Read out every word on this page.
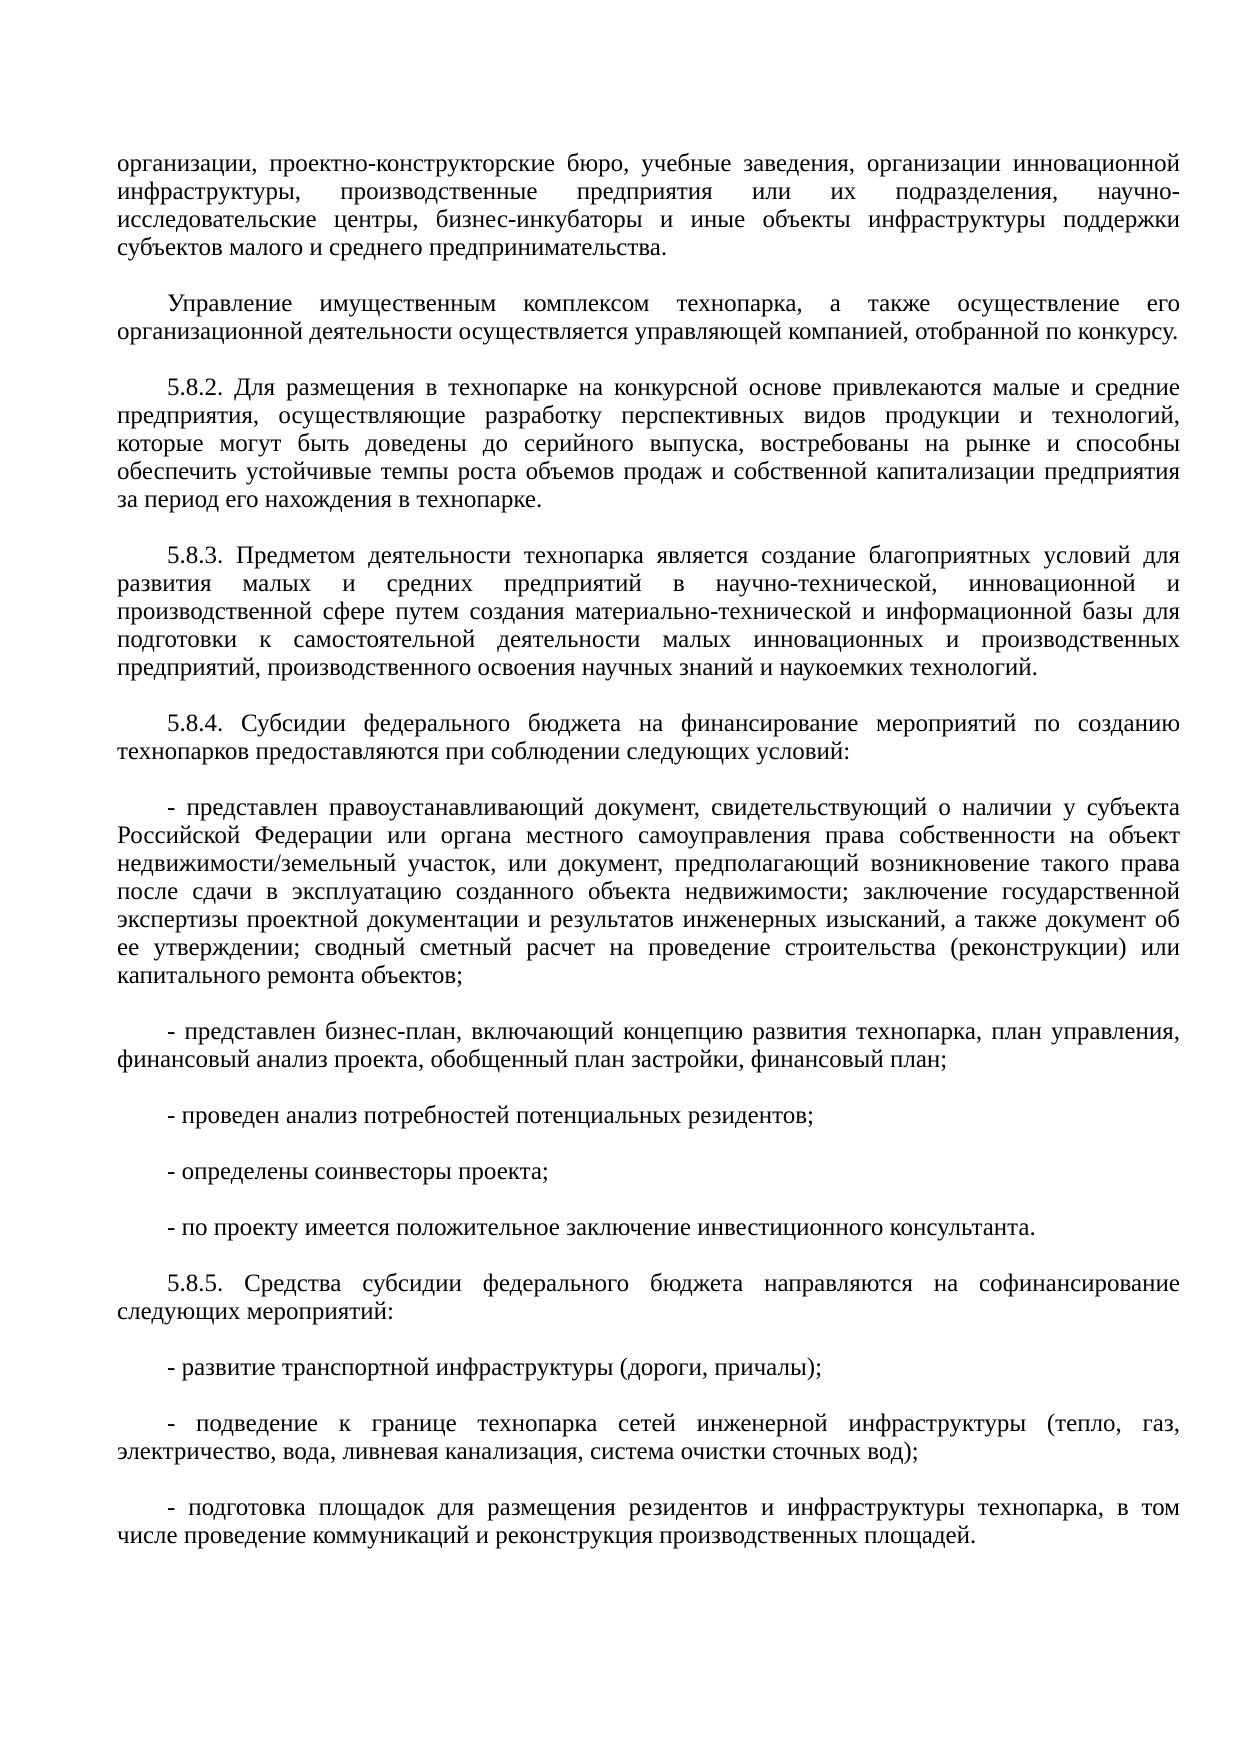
организации, проектно-конструкторские бюро, учебные заведения, организации инновационной инфраструктуры, производственные предприятия или их подразделения, научно-исследовательские центры, бизнес-инкубаторы и иные объекты инфраструктуры поддержки субъектов малого и среднего предпринимательства.

Управление имущественным комплексом технопарка, а также осуществление его организационной деятельности осуществляется управляющей компанией, отобранной по конкурсу.

5.8.2. Для размещения в технопарке на конкурсной основе привлекаются малые и средние предприятия, осуществляющие разработку перспективных видов продукции и технологий, которые могут быть доведены до серийного выпуска, востребованы на рынке и способны обеспечить устойчивые темпы роста объемов продаж и собственной капитализации предприятия за период его нахождения в технопарке.

5.8.3. Предметом деятельности технопарка является создание благоприятных условий для развития малых и средних предприятий в научно-технической, инновационной и производственной сфере путем создания материально-технической и информационной базы для подготовки к самостоятельной деятельности малых инновационных и производственных предприятий, производственного освоения научных знаний и наукоемких технологий.

5.8.4. Субсидии федерального бюджета на финансирование мероприятий по созданию технопарков предоставляются при соблюдении следующих условий:

- представлен правоустанавливающий документ, свидетельствующий о наличии у субъекта Российской Федерации или органа местного самоуправления права собственности на объект недвижимости/земельный участок, или документ, предполагающий возникновение такого права после сдачи в эксплуатацию созданного объекта недвижимости; заключение государственной экспертизы проектной документации и результатов инженерных изысканий, а также документ об ее утверждении; сводный сметный расчет на проведение строительства (реконструкции) или капитального ремонта объектов;

- представлен бизнес-план, включающий концепцию развития технопарка, план управления, финансовый анализ проекта, обобщенный план застройки, финансовый план;

- проведен анализ потребностей потенциальных резидентов;

- определены соинвесторы проекта;

- по проекту имеется положительное заключение инвестиционного консультанта.

5.8.5. Средства субсидии федерального бюджета направляются на софинансирование следующих мероприятий:

- развитие транспортной инфраструктуры (дороги, причалы);

- подведение к границе технопарка сетей инженерной инфраструктуры (тепло, газ, электричество, вода, ливневая канализация, система очистки сточных вод);

- подготовка площадок для размещения резидентов и инфраструктуры технопарка, в том числе проведение коммуникаций и реконструкция производственных площадей.
